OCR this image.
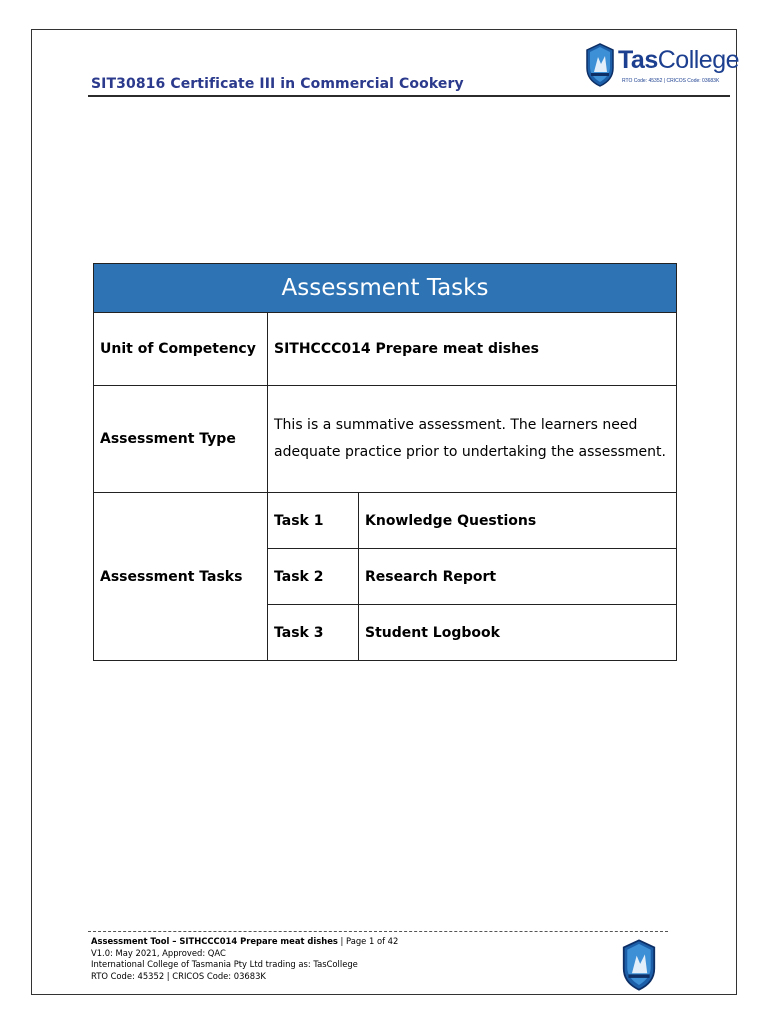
SIT30816 Certificate III in Commercial Cookery
TasCollege
RTO Code: 45352 | CRICOS Code: 03683K
Assessment Tasks		
Unit of Competency	SITHCCC014 Prepare meat dishes	
Assessment Type	This is a summative assessment. The learners need adequate practice prior to undertaking the assessment.	
Assessment Tasks	Task 1	Knowledge Questions
	Task 2	Research Report
	Task 3	Student Logbook
Assessment Tool – SITHCCC014 Prepare meat dishes | Page 1 of 42
V1.0: May 2021, Approved: QAC
International College of Tasmania Pty Ltd trading as: TasCollege
RTO Code: 45352 | CRICOS Code: 03683K
